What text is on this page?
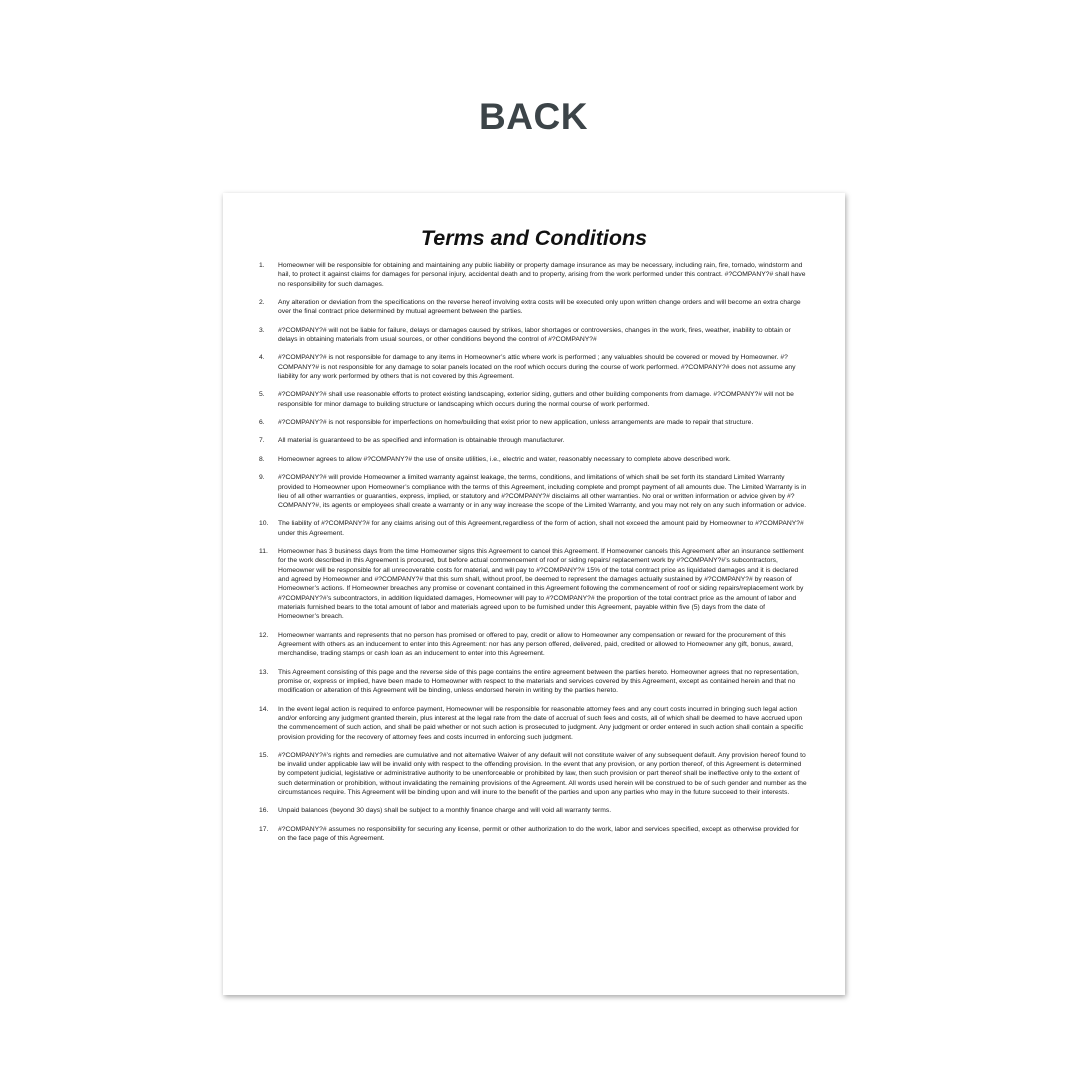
BACK
Terms and Conditions
1.	Homeowner will be responsible for obtaining and maintaining any public liability or property damage insurance as may be necessary, including rain, fire, tornado, windstorm and hail, to protect it against claims for damages for personal injury, accidental death and to property, arising from the work performed under this contract. #?COMPANY?# shall have no responsibility for such damages.
2.	Any alteration or deviation from the specifications on the reverse hereof involving extra costs will be executed only upon written change orders and will become an extra charge over the final contract price determined by mutual agreement between the parties.
3.	#?COMPANY?# will not be liable for failure, delays or damages caused by strikes, labor shortages or controversies, changes in the work, fires, weather, inability to obtain or delays in obtaining materials from usual sources, or other conditions beyond the control of #?COMPANY?#
4.	#?COMPANY?# is not responsible for damage to any items in Homeowner’s attic where work is performed ; any valuables should be covered or moved by Homeowner. #?COMPANY?# is not responsible for any damage to solar panels located on the roof which occurs during the course of work performed. #?COMPANY?# does not assume any liability for any work performed by others that is not covered by this Agreement.
5.	#?COMPANY?# shall use reasonable efforts to protect existing landscaping, exterior siding, gutters and other building components from damage. #?COMPANY?# will not be responsible for minor damage to building structure or landscaping which occurs during the normal course of work performed.
6.	#?COMPANY?# is not responsible for imperfections on home/building that exist prior to new application, unless arrangements are made to repair that structure.
7.	All material is guaranteed to be as specified and information is obtainable through manufacturer.
8.	Homeowner agrees to allow #?COMPANY?# the use of onsite utilities, i.e., electric and water, reasonably necessary to complete above described work.
9.	#?COMPANY?# will provide Homeowner a limited warranty against leakage, the terms, conditions, and limitations of which shall be set forth its standard Limited Warranty provided to Homeowner upon Homeowner’s compliance with the terms of this Agreement, including complete and prompt payment of all amounts due. The Limited Warranty is in lieu of all other warranties or guaranties, express, implied, or statutory and #?COMPANY?# disclaims all other warranties. No oral or written information or advice given by #?COMPANY?#, its agents or employees shall create a warranty or in any way increase the scope of the Limited Warranty, and you may not rely on any such information or advice.
10.	The liability of #?COMPANY?# for any claims arising out of this Agreement,regardless of the form of action, shall not exceed the amount paid by Homeowner to #?COMPANY?# under this Agreement.
11.	Homeowner has 3 business days from the time Homeowner signs this Agreement to cancel this Agreement. If Homeowner cancels this Agreement after an insurance settlement for the work described in this Agreement is procured, but before actual commencement of roof or siding repairs/ replacement work by #?COMPANY?#’s subcontractors, Homeowner will be responsible for all unrecoverable costs for material, and will pay to #?COMPANY?# 15% of the total contract price as liquidated damages and it is declared and agreed by Homeowner and #?COMPANY?# that this sum shall, without proof, be deemed to represent the damages actually sustained by #?COMPANY?# by reason of Homeowner’s actions. If Homeowner breaches any promise or covenant contained in this Agreement following the commencement of roof or siding repairs/replacement work by #?COMPANY?#’s subcontractors, in addition liquidated damages, Homeowner will pay to #?COMPANY?# the proportion of the total contract price as the amount of labor and materials furnished bears to the total amount of labor and materials agreed upon to be furnished under this Agreement, payable within five (5) days from the date of Homeowner’s breach.
12.	Homeowner warrants and represents that no person has promised or offered to pay, credit or allow to Homeowner any compensation or reward for the procurement of this Agreement with others as an inducement to enter into this Agreement: nor has any person offered, delivered, paid, credited or allowed to Homeowner any gift, bonus, award, merchandise, trading stamps or cash loan as an inducement to enter into this Agreement.
13.	This Agreement consisting of this page and the reverse side of this page contains the entire agreement between the parties hereto. Homeowner agrees that no representation, promise or, express or implied, have been made to Homeowner with respect to the materials and services covered by this Agreement, except as contained herein and that no modification or alteration of this Agreement will be binding, unless endorsed herein in writing by the parties hereto.
14.	In the event legal action is required to enforce payment, Homeowner will be responsible for reasonable attorney fees and any court costs incurred in bringing such legal action and/or enforcing any judgment granted therein, plus interest at the legal rate from the date of accrual of such fees and costs, all of which shall be deemed to have accrued upon the commencement of such action, and shall be paid whether or not such action is prosecuted to judgment. Any judgment or order entered in such action shall contain a specific provision providing for the recovery of attorney fees and costs incurred in enforcing such judgment.
15.	#?COMPANY?#’s rights and remedies are cumulative and not alternative Waiver of any default will not constitute waiver of any subsequent default. Any provision hereof found to be invalid under applicable law will be invalid only with respect to the offending provision. In the event that any provision, or any portion thereof, of this Agreement is determined by competent judicial, legislative or administrative authority to be unenforceable or prohibited by law, then such provision or part thereof shall be ineffective only to the extent of such determination or prohibition, without invalidating the remaining provisions of the Agreement. All words used herein will be construed to be of such gender and number as the circumstances require. This Agreement will be binding upon and will inure to the benefit of the parties and upon any parties who may in the future succeed to their interests.
16.	Unpaid balances (beyond 30 days) shall be subject to a monthly finance charge and will void all warranty terms.
17.	#?COMPANY?# assumes no responsibility for securing any license, permit or other authorization to do the work, labor and services specified, except as otherwise provided for on the face page of this Agreement.
